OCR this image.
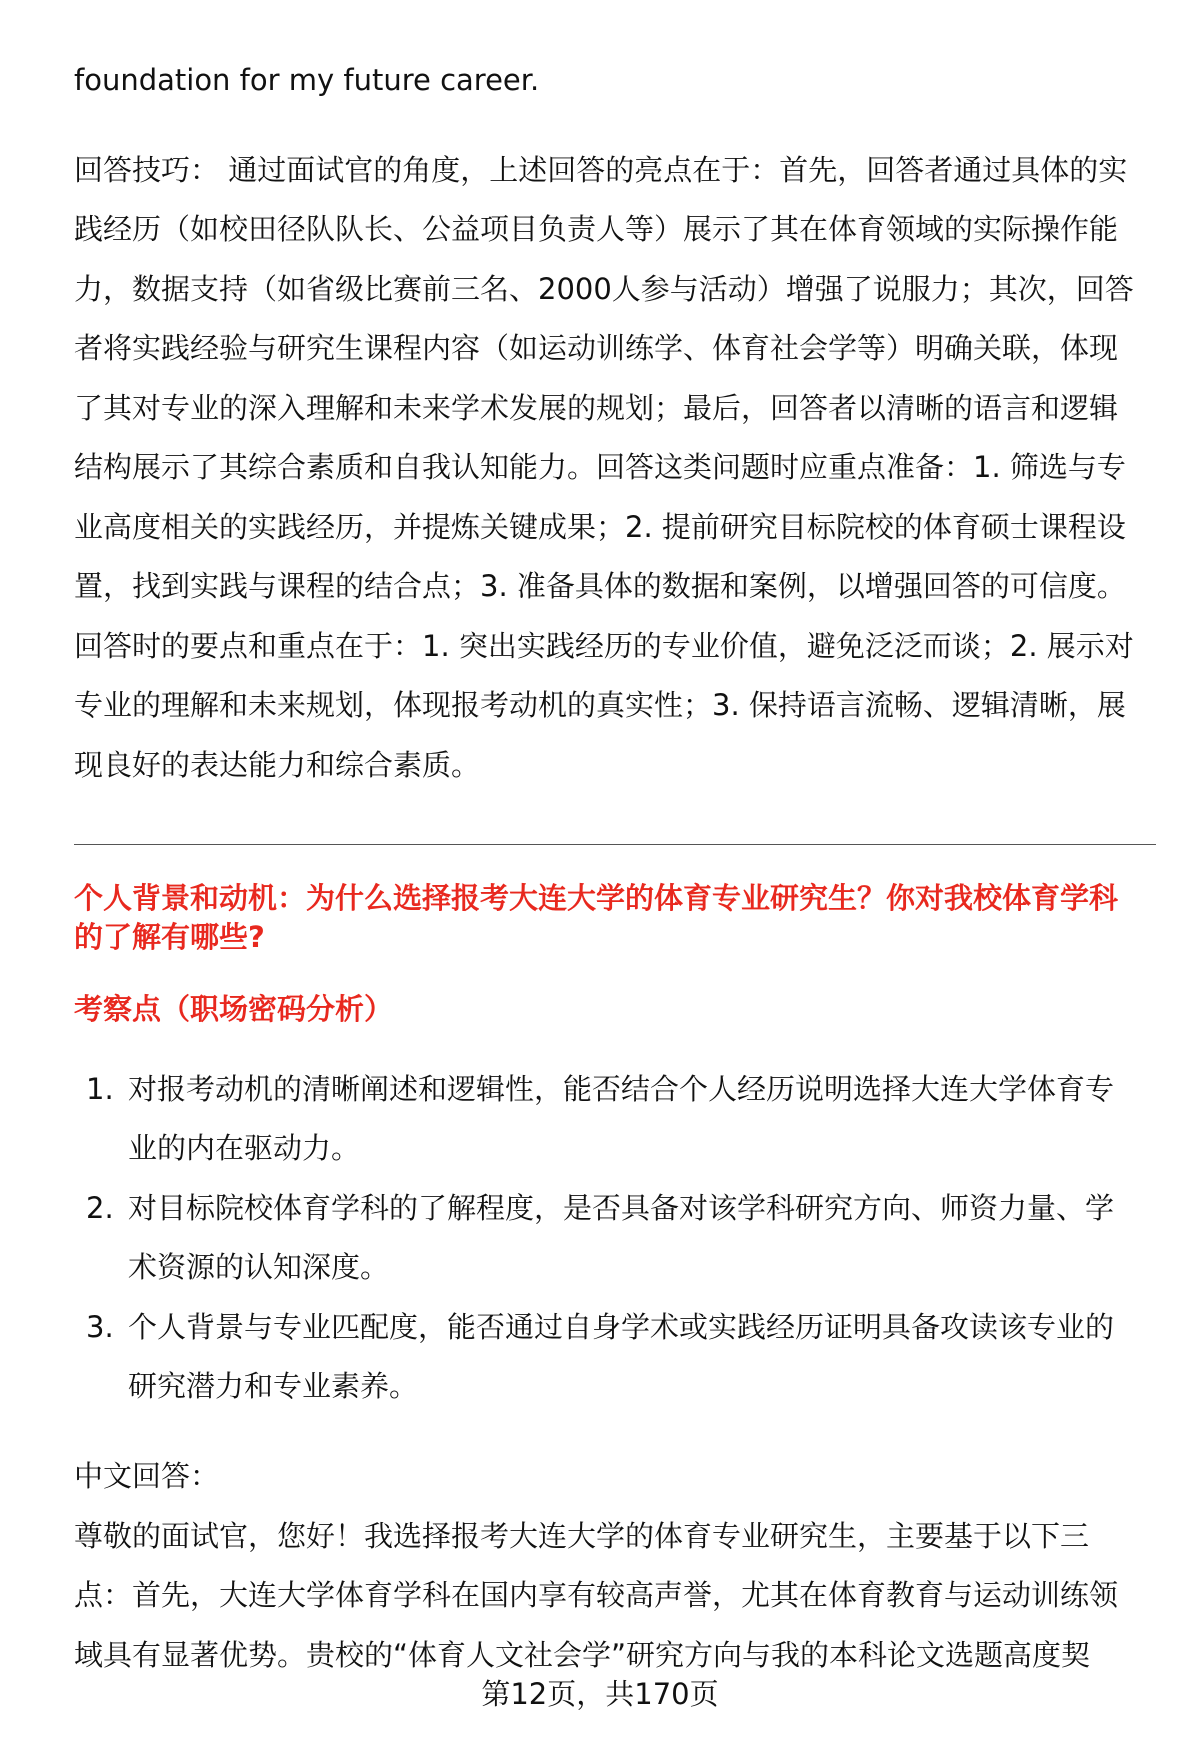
foundation for my future career.
回答技巧： 通过面试官的角度，上述回答的亮点在于：首先，回答者通过具体的实
践经历（如校田径队队长、公益项目负责人等）展示了其在体育领域的实际操作能
力，数据支持（如省级比赛前三名、2000人参与活动）增强了说服力；其次，回答
者将实践经验与研究生课程内容（如运动训练学、体育社会学等）明确关联，体现
了其对专业的深入理解和未来学术发展的规划；最后，回答者以清晰的语言和逻辑
结构展示了其综合素质和自我认知能力。回答这类问题时应重点准备：1. 筛选与专
业高度相关的实践经历，并提炼关键成果；2. 提前研究目标院校的体育硕士课程设
置，找到实践与课程的结合点；3. 准备具体的数据和案例，以增强回答的可信度。
回答时的要点和重点在于：1. 突出实践经历的专业价值，避免泛泛而谈；2. 展示对
专业的理解和未来规划，体现报考动机的真实性；3. 保持语言流畅、逻辑清晰，展
现良好的表达能力和综合素质。
个人背景和动机：为什么选择报考大连大学的体育专业研究生？你对我校体育学科
的了解有哪些?
考察点（职场密码分析）
1. 对报考动机的清晰阐述和逻辑性，能否结合个人经历说明选择大连大学体育专
业的内在驱动力。
2. 对目标院校体育学科的了解程度，是否具备对该学科研究方向、师资力量、学
术资源的认知深度。
3. 个人背景与专业匹配度，能否通过自身学术或实践经历证明具备攻读该专业的
研究潜力和专业素养。
中文回答：
尊敬的面试官，您好！我选择报考大连大学的体育专业研究生，主要基于以下三
点：首先，大连大学体育学科在国内享有较高声誉，尤其在体育教育与运动训练领
域具有显著优势。贵校的“体育人文社会学”研究方向与我的本科论文选题高度契
第12页，共170页
